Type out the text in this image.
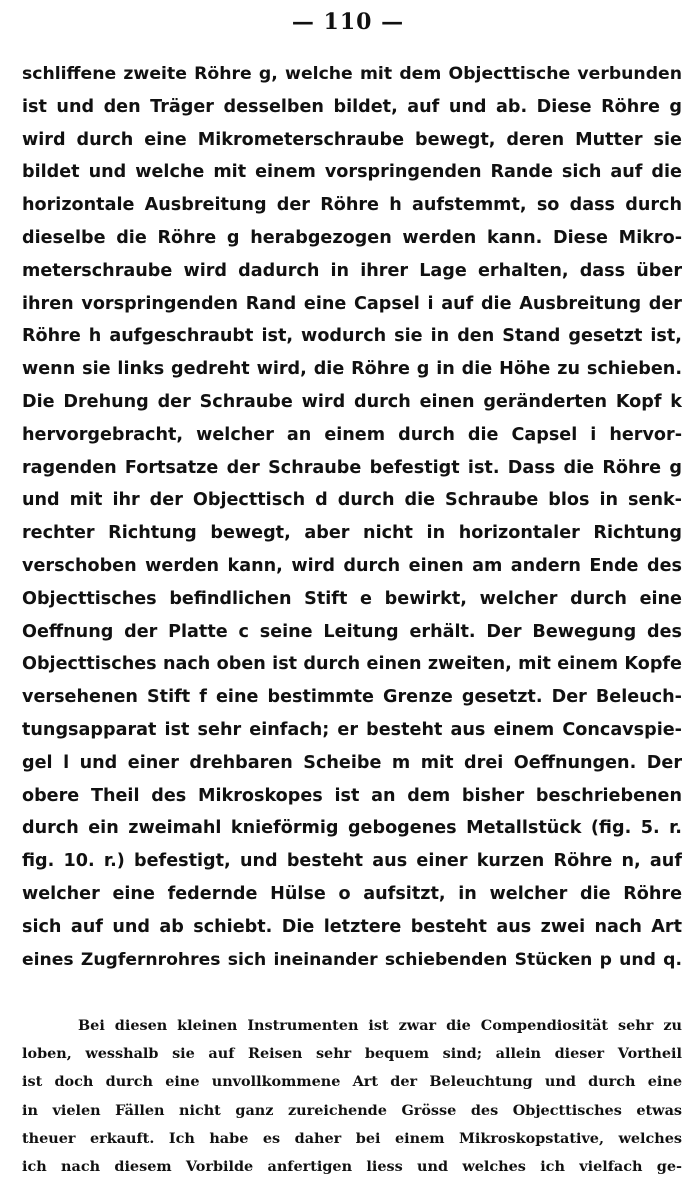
— 110 —
schliffene zweite Röhre g, welche mit dem Objecttische verbunden
ist und den Träger desselben bildet, auf und ab. Diese Röhre g
wird durch eine Mikrometerschraube bewegt, deren Mutter sie
bildet und welche mit einem vorspringenden Rande sich auf die
horizontale Ausbreitung der Röhre h aufstemmt, so dass durch
dieselbe die Röhre g herabgezogen werden kann. Diese Mikro-
meterschraube wird dadurch in ihrer Lage erhalten, dass über
ihren vorspringenden Rand eine Capsel i auf die Ausbreitung der
Röhre h aufgeschraubt ist, wodurch sie in den Stand gesetzt ist,
wenn sie links gedreht wird, die Röhre g in die Höhe zu schieben.
Die Drehung der Schraube wird durch einen geränderten Kopf k
hervorgebracht, welcher an einem durch die Capsel i hervor-
ragenden Fortsatze der Schraube befestigt ist. Dass die Röhre g
und mit ihr der Objecttisch d durch die Schraube blos in senk-
rechter Richtung bewegt, aber nicht in horizontaler Richtung
verschoben werden kann, wird durch einen am andern Ende des
Objecttisches befindlichen Stift e bewirkt, welcher durch eine
Oeffnung der Platte c seine Leitung erhält. Der Bewegung des
Objecttisches nach oben ist durch einen zweiten, mit einem Kopfe
versehenen Stift f eine bestimmte Grenze gesetzt. Der Beleuch-
tungsapparat ist sehr einfach; er besteht aus einem Concavspie-
gel l und einer drehbaren Scheibe m mit drei Oeffnungen. Der
obere Theil des Mikroskopes ist an dem bisher beschriebenen
durch ein zweimahl knieförmig gebogenes Metallstück (fig. 5. r.
fig. 10. r.) befestigt, und besteht aus einer kurzen Röhre n, auf
welcher eine federnde Hülse o aufsitzt, in welcher die Röhre
sich auf und ab schiebt. Die letztere besteht aus zwei nach Art
eines Zugfernrohres sich ineinander schiebenden Stücken p und q.
Bei diesen kleinen Instrumenten ist zwar die Compendiosität sehr zu
loben, wesshalb sie auf Reisen sehr bequem sind; allein dieser Vortheil
ist doch durch eine unvollkommene Art der Beleuchtung und durch eine
in vielen Fällen nicht ganz zureichende Grösse des Objecttisches etwas
theuer erkauft. Ich habe es daher bei einem Mikroskopstative, welches
ich nach diesem Vorbilde anfertigen liess und welches ich vielfach ge-
